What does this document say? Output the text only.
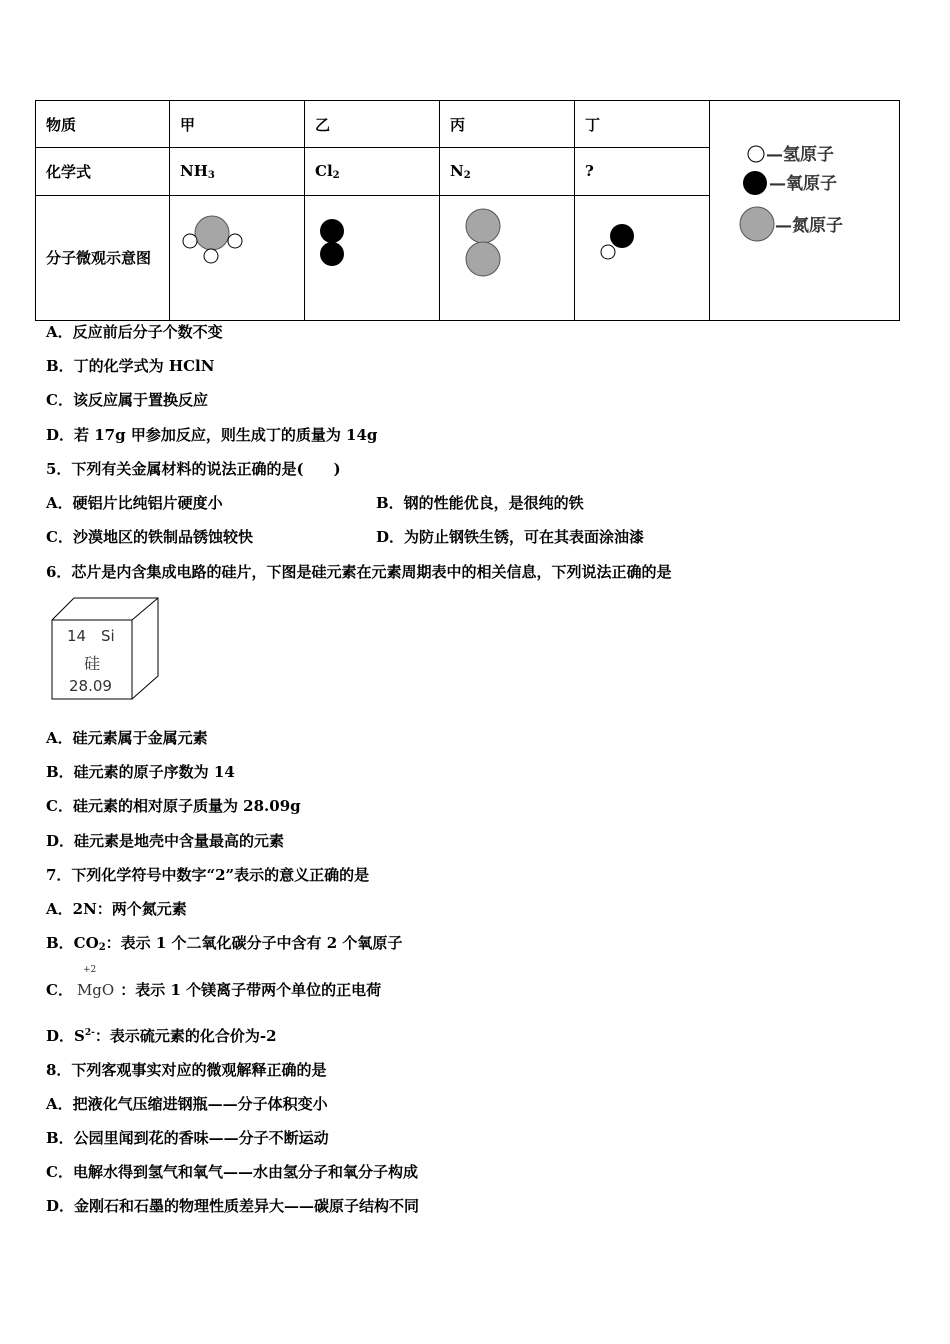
物质	甲	乙	丙	丁	—氢原子
—氧原子
—氮原子

化学式	$NH_3$	$Cl_2$	$N_2$	?	
分子微观示意图				
A．反应前后分子个数不变
B．丁的化学式为 HClN
C．该反应属于置换反应
D．若 17g 甲参加反应，则生成丁的质量为 14g
5．下列有关金属材料的说法正确的是(　　)
A．硬铝片比纯铝片硬度小	B．钢的性能优良，是很纯的铁
C．沙漠地区的铁制品锈蚀较快	D．为防止钢铁生锈，可在其表面涂油漆
6．芯片是内含集成电路的硅片，下图是硅元素在元素周期表中的相关信息，下列说法正确的是
14 Si
硅
28.09
A．硅元素属于金属元素
B．硅元素的原子序数为 14
C．硅元素的相对原子质量为 28.09g
D．硅元素是地壳中含量最高的元素
7．下列化学符号中数字“2”表示的意义正确的是
A．2N：两个氮元素
B．$CO_2$：表示 1 个二氧化碳分子中含有 2 个氧原子
C．
+2
MgO ：表示 1 个镁离子带两个单位的正电荷
D．$S^{2-}$：表示硫元素的化合价为-2
8．下列客观事实对应的微观解释正确的是
A．把液化气压缩进钢瓶——分子体积变小
B．公园里闻到花的香味——分子不断运动
C．电解水得到氢气和氧气——水由氢分子和氧分子构成
D．金刚石和石墨的物理性质差异大——碳原子结构不同
